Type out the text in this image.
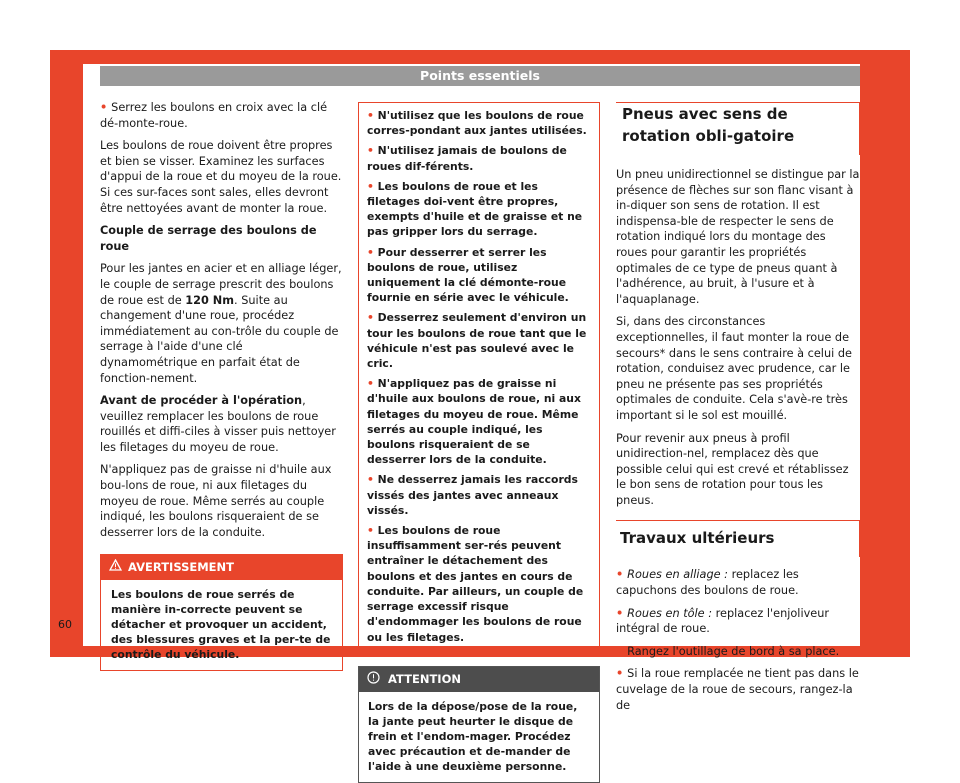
Points essentiels

• Serrez les boulons en croix avec la clé dé-monte-roue.

Les boulons de roue doivent être propres et bien se visser. Examinez les surfaces d'appui de la roue et du moyeu de la roue. Si ces sur-faces sont sales, elles devront être nettoyées avant de monter la roue.

Couple de serrage des boulons de roue

Pour les jantes en acier et en alliage léger, le couple de serrage prescrit des boulons de roue est de 120 Nm. Suite au changement d'une roue, procédez immédiatement au con-trôle du couple de serrage à l'aide d'une clé dynamométrique en parfait état de fonction-nement.

Avant de procéder à l'opération, veuillez remplacer les boulons de roue rouillés et diffi-ciles à visser puis nettoyer les filetages du moyeu de roue.

N'appliquez pas de graisse ni d'huile aux bou-lons de roue, ni aux filetages du moyeu de roue. Même serrés au couple indiqué, les boulons risqueraient de se desserrer lors de la conduite.

AVERTISSEMENT
Les boulons de roue serrés de manière in-correcte peuvent se détacher et provoquer un accident, des blessures graves et la per-te de contrôle du véhicule.

• N'utilisez que les boulons de roue corres-pondant aux jantes utilisées.

• N'utilisez jamais de boulons de roues dif-férents.

• Les boulons de roue et les filetages doi-vent être propres, exempts d'huile et de graisse et ne pas gripper lors du serrage.

• Pour desserrer et serrer les boulons de roue, utilisez uniquement la clé démonte-roue fournie en série avec le véhicule.

• Desserrez seulement d'environ un tour les boulons de roue tant que le véhicule n'est pas soulevé avec le cric.

• N'appliquez pas de graisse ni d'huile aux boulons de roue, ni aux filetages du moyeu de roue. Même serrés au couple indiqué, les boulons risqueraient de se desserrer lors de la conduite.

• Ne desserrez jamais les raccords vissés des jantes avec anneaux vissés.

• Les boulons de roue insuffisamment ser-rés peuvent entraîner le détachement des boulons et des jantes en cours de conduite. Par ailleurs, un couple de serrage excessif risque d'endommager les boulons de roue ou les filetages.

ATTENTION
Lors de la dépose/pose de la roue, la jante peut heurter le disque de frein et l'endom-mager. Procédez avec précaution et de-mander de l'aide à une deuxième personne.
Pneus avec sens de rotation obli-gatoire

Un pneu unidirectionnel se distingue par la présence de flèches sur son flanc visant à in-diquer son sens de rotation. Il est indispensa-ble de respecter le sens de rotation indiqué lors du montage des roues pour garantir les propriétés optimales de ce type de pneus quant à l'adhérence, au bruit, à l'usure et à l'aquaplanage.

Si, dans des circonstances exceptionnelles, il faut monter la roue de secours* dans le sens contraire à celui de rotation, conduisez avec prudence, car le pneu ne présente pas ses propriétés optimales de conduite. Cela s'avè-re très important si le sol est mouillé.

Pour revenir aux pneus à profil unidirection-nel, remplacez dès que possible celui qui est crevé et rétablissez le bon sens de rotation pour tous les pneus.

Travaux ultérieurs

• Roues en alliage : replacez les capuchons des boulons de roue.

• Roues en tôle : replacez l'enjoliveur intégral de roue.

• Rangez l'outillage de bord à sa place.

• Si la roue remplacée ne tient pas dans le cuvelage de la roue de secours, rangez-la de

60
